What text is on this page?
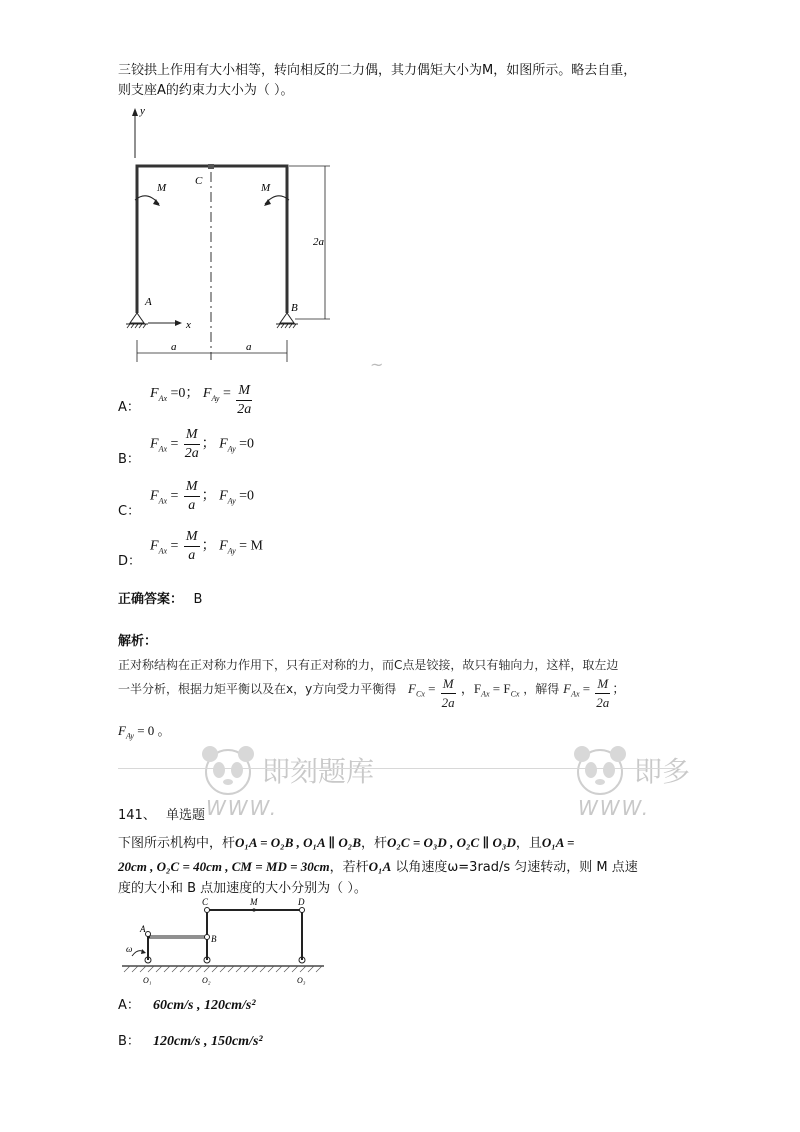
三铰拱上作用有大小相等，转向相反的二力偶，其力偶矩大小为M，如图所示。略去自重，
则支座A的约束力大小为（ ）。
y
C
M	M
A	B
x
2a
a	a
~
A：
$F_{Ax} =0$； $F_{Ay} = \frac{M}{2a}$
B：
$F_{Ax} = \frac{M}{2a}$ ； $F_{Ay} =0$
C：
$F_{Ax} = \frac{M}{a}$ ； $F_{Ay} =0$
D：
$F_{Ax} = \frac{M}{a}$ ； $F_{Ay} = M$
正确答案： B
解析：
正对称结构在正对称力作用下，只有正对称的力，而C点是铰接，故只有轴向力，这样，取左边
一半分析，根据力矩平衡以及在x，y方向受力平衡得 $F_{Cx} = \frac{M}{2a}$ ，$F_{Ax} = F_{Cx}$ ，解得 $F_{Ax} = \frac{M}{2a}$ ；
$F_{Ay} = 0$ 。
即刻题库
WWW.
即多
WWW.
141、 单选题
下图所示机构中，杆O₁A = O₂B , O₁A ∥ O₂B，杆O₂C = O₃D , O₂C ∥ O₃D，且O₁A =
20cm , O₂C = 40cm , CM = MD = 30cm，若杆O₁A 以角速度ω=3rad/s 匀速转动，则 M 点速
度的大小和 B 点加速度的大小分别为（ ）。
A
B
C	M	D
ω
O₁	O₂	O₃
A： 60cm/s , 120cm/s²
B： 120cm/s , 150cm/s²
